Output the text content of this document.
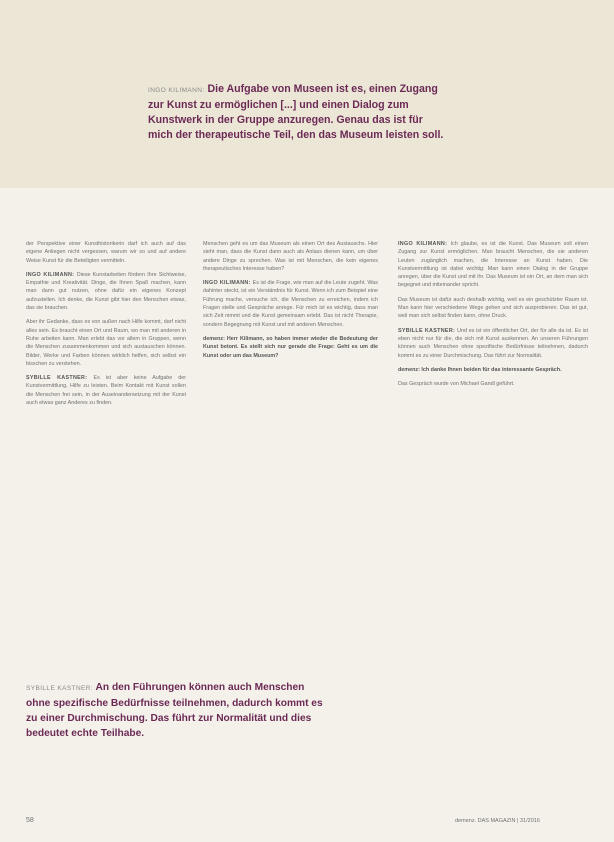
INGO KILIMANN: Die Aufgabe von Museen ist es, einen Zugang zur Kunst zu ermöglichen [...] und einen Dialog zum Kunstwerk in der Gruppe anzuregen. Genau das ist für mich der therapeutische Teil, den das Museum leisten soll.

der Perspektive einer Kunsthistorikerin darf ich auch auf das eigene Anliegen nicht vergessen, warum wir so und auf andere Weise Kunst für die Beteiligten vermitteln.

INGO KILIMANN: Diese Kunstarbeiten fördern Ihre Sichtweise, Empathie und Kreativität. Dinge, die Ihnen Spaß machen, kann man dann gut nutzen, ohne dafür ein eigenes Konzept aufzustellen. Ich denke, die Kunst gibt hier den Menschen etwas, das sie brauchen.

Aber ihr Gedanke, dass es von außen nach Hilfe kommt, darf nicht alles sein. Es braucht einen Ort und Raum, wo man mit anderen in Ruhe arbeiten kann. Man erlebt das vor allem in Gruppen, wenn die Menschen zusammenkommen und sich austauschen können. Bilder, Werke und Farben können wirklich helfen, sich selbst ein bisschen zu verstehen.

SYBILLE KASTNER: Es ist aber keine Aufgabe der Kunstvermittlung, Hilfe zu leisten. Beim Kontakt mit Kunst sollen die Menschen frei sein, in der Auseinandersetzung mit der Kunst auch etwas ganz Anderes zu finden.

Menschen geht es um das Museum als einen Ort des Austauschs. Hier sieht man, dass die Kunst dann auch als Anlass dienen kann, um über andere Dinge zu sprechen. Was ist mit Menschen, die kein eigenes therapeutisches Interesse haben?

INGO KILIMANN: Es ist die Frage, wie man auf die Leute zugeht. Was dahinter steckt, ist ein Verständnis für Kunst. Wenn ich zum Beispiel eine Führung mache, versuche ich, die Menschen zu erreichen, indem ich Fragen stelle und Gespräche anrege. Für mich ist es wichtig, dass man sich Zeit nimmt und die Kunst gemeinsam erlebt. Das ist nicht Therapie, sondern Begegnung mit Kunst und mit anderen Menschen.

demenz: Herr Kilimann, so haben immer wieder die Bedeutung der Kunst betont. Es stellt sich nur gerade die Frage: Geht es um die Kunst oder um das Museum?

INGO KILIMANN: Ich glaube, es ist die Kunst. Das Museum soll einen Zugang zur Kunst ermöglichen. Man braucht Menschen, die sie anderen Leuten zugänglich machen, die Interesse an Kunst haben. Die Kunstvermittlung ist dabei wichtig: Man kann einen Dialog in der Gruppe anregen, über die Kunst und mit ihr. Das Museum ist ein Ort, an dem man sich begegnet und miteinander spricht.

Das Museum ist dafür auch deshalb wichtig, weil es ein geschützter Raum ist. Man kann hier verschiedene Wege gehen und sich ausprobieren. Das ist gut, weil man sich selbst finden kann, ohne Druck.

SYBILLE KASTNER: Und es ist ein öffentlicher Ort, der für alle da ist. Es ist eben nicht nur für die, die sich mit Kunst auskennen. An unseren Führungen können auch Menschen ohne spezifische Bedürfnisse teilnehmen, dadurch kommt es zu einer Durchmischung. Das führt zur Normalität.

demenz: Ich danke Ihnen beiden für das interessante Gespräch.

Das Gespräch wurde von Michael Gandl geführt.

SYBILLE KASTNER: An den Führungen können auch Menschen ohne spezifische Bedürfnisse teilnehmen, dadurch kommt es zu einer Durchmischung. Das führt zur Normalität und dies bedeutet echte Teilhabe.
58	demenz. DAS MAGAZIN | 31/2016
